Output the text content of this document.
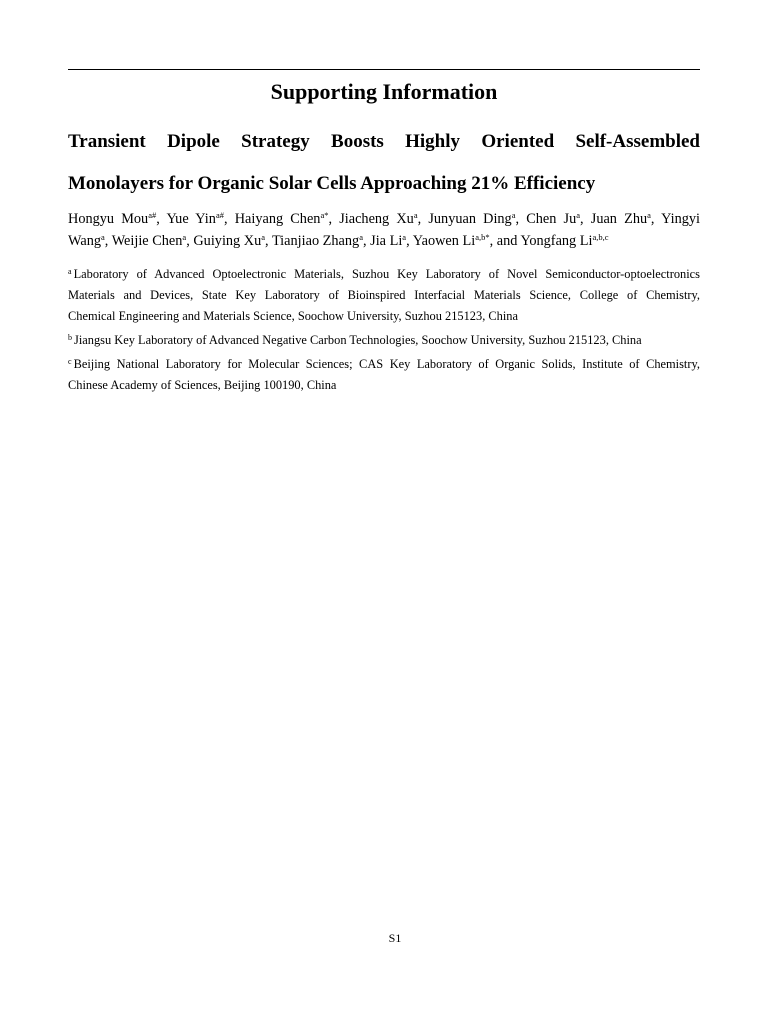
Supporting Information
Transient Dipole Strategy Boosts Highly Oriented Self-Assembled
Monolayers for Organic Solar Cells Approaching 21% Efficiency
Hongyu Mou$^{a\#}$, Yue Yin$^{a\#}$, Haiyang Chen$^{a*}$, Jiacheng Xu$^a$, Junyuan Ding$^a$, Chen Ju$^a$, Juan Zhu$^a$, Yingyi
Wang$^a$, Weijie Chen$^a$, Guiying Xu$^a$, Tianjiao Zhang$^a$, Jia Li$^a$, Yaowen $Li^{a,b*}$, and Yongfang Li$^{a,b,c}$
$^a$ Laboratory of Advanced Optoelectronic Materials, Suzhou Key Laboratory of Novel Semiconductor-optoelectronics
Materials and Devices, State Key Laboratory of Bioinspired Interfacial Materials Science, College of Chemistry,
Chemical Engineering and Materials Science, Soochow University, Suzhou 215123, China
$^b$ Jiangsu Key Laboratory of Advanced Negative Carbon Technologies, Soochow University, Suzhou 215123, China
$^c$ Beijing National Laboratory for Molecular Sciences; CAS Key Laboratory of Organic Solids, Institute of Chemistry,
Chinese Academy of Sciences, Beijing 100190, China
S1
